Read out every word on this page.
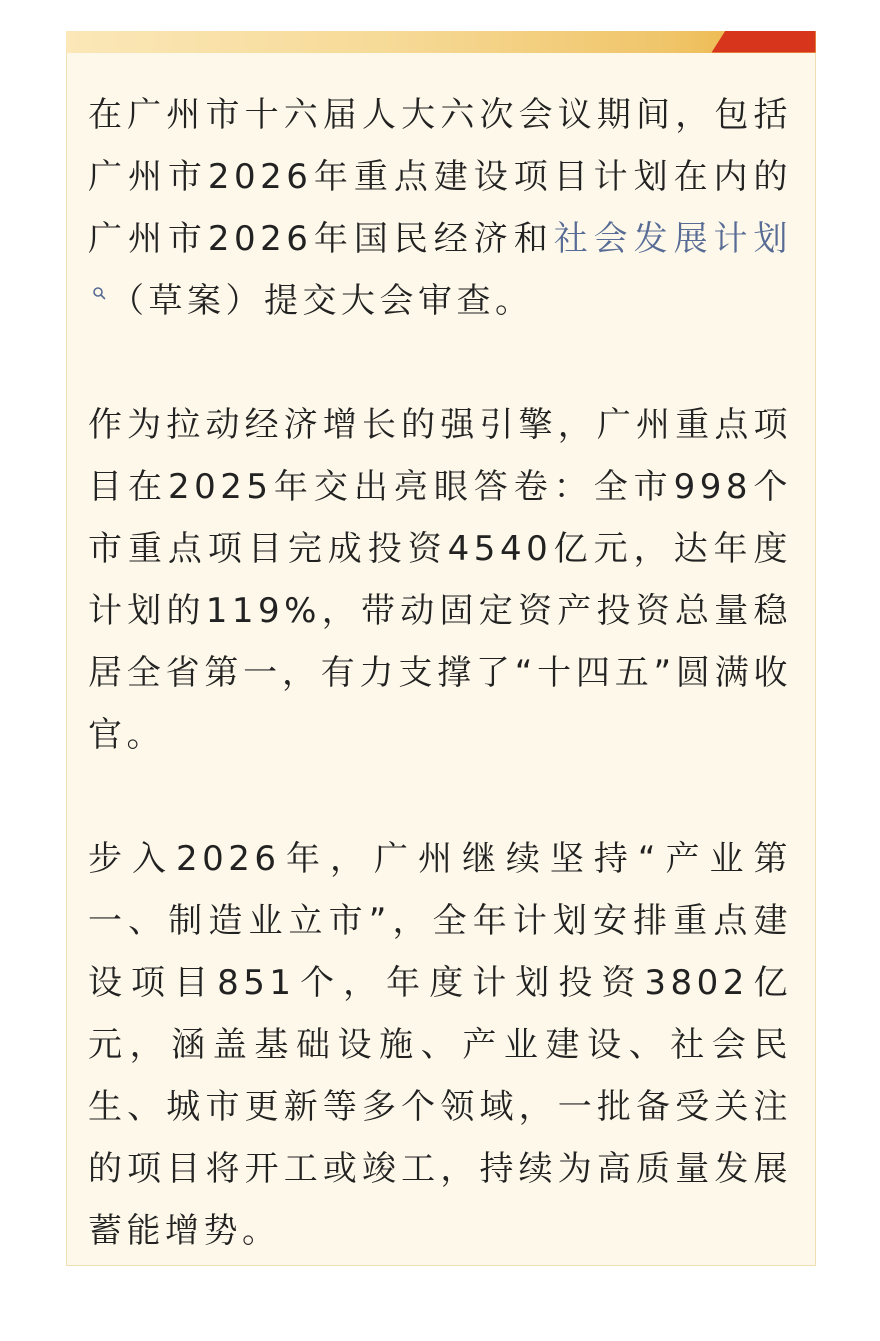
在广州市十六届人大六次会议期间，包括广州市2026年重点建设项目计划在内的广州市2026年国民经济和社会发展计划
（草案）提交大会审查。

作为拉动经济增长的强引擎，广州重点项目在2025年交出亮眼答卷：全市998个市重点项目完成投资4540亿元，达年度计划的119%，带动固定资产投资总量稳居全省第一，有力支撑了“十四五”圆满收官。

步入2026年，广州继续坚持“产业第一、制造业立市”，全年计划安排重点建设项目851个，年度计划投资3802亿元，涵盖基础设施、产业建设、社会民生、城市更新等多个领域，一批备受关注的项目将开工或竣工，持续为高质量发展蓄能增势。
